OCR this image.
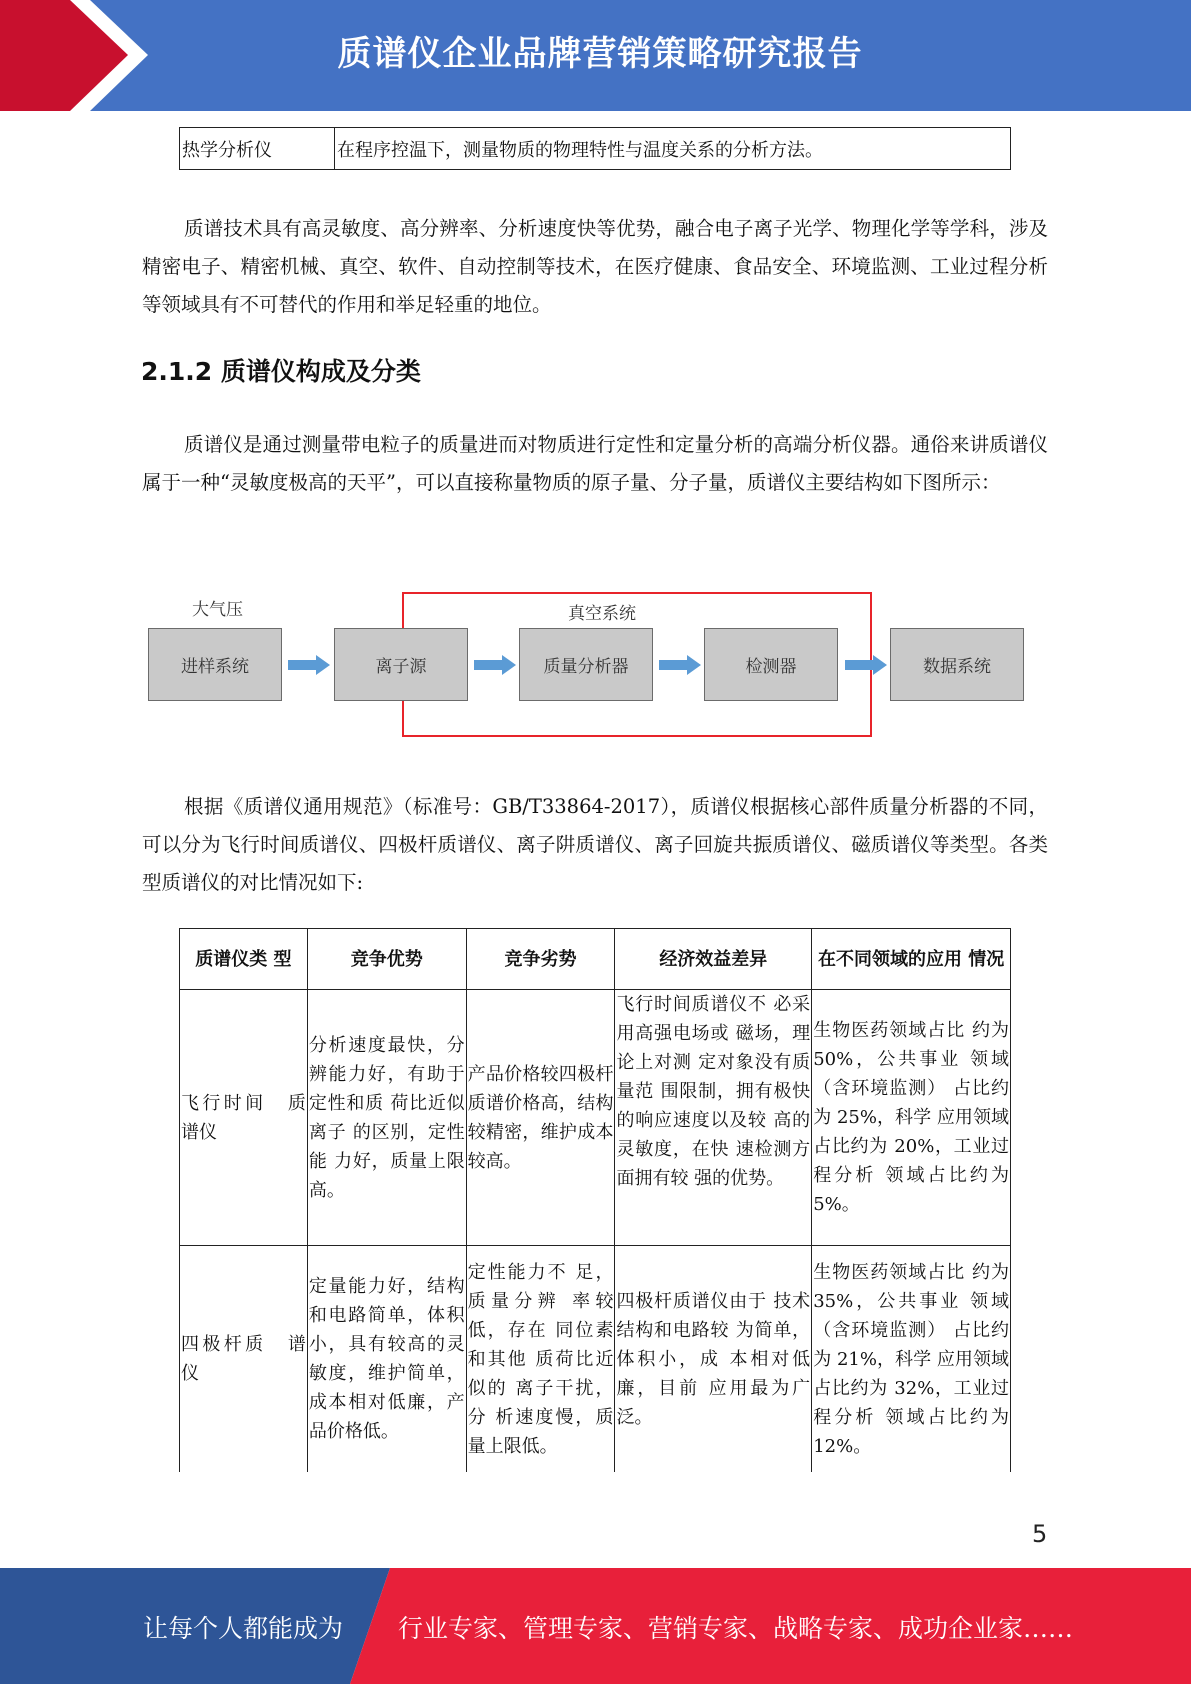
质谱仪企业品牌营销策略研究报告
热学分析仪	在程序控温下，测量物质的物理特性与温度关系的分析方法。

质谱技术具有高灵敏度、高分辨率、分析速度快等优势，融合电子离子光学、物理化学等学科，涉及精密电子、精密机械、真空、软件、自动控制等技术，在医疗健康、食品安全、环境监测、工业过程分析等领域具有不可替代的作用和举足轻重的地位。

2.1.2 质谱仪构成及分类

质谱仪是通过测量带电粒子的质量进而对物质进行定性和定量分析的高端分析仪器。通俗来讲质谱仪属于一种“灵敏度极高的天平”，可以直接称量物质的原子量、分子量，质谱仪主要结构如下图所示：

大气压	真空系统
进样系统	离子源	质量分析器	检测器	数据系统

根据《质谱仪通用规范》（标准号：GB/T33864-2017），质谱仪根据核心部件质量分析器的不同，可以分为飞行时间质谱仪、四极杆质谱仪、离子阱质谱仪、离子回旋共振质谱仪、磁质谱仪等类型。各类型质谱仪的对比情况如下:

质谱仪类 型	竞争优势	竞争劣势	经济效益差异	在不同领域的应用 情况
飞行时间　质谱仪	分析速度最快，分辨能力好，有助于定性和质 荷比近似离子 的区别，定性能 力好，质量上限 高。	产品价格较四极杆质谱价格高，结构较精密，维护成本较高。	飞行时间质谱仪不 必采用高强电场或 磁场，理论上对测 定对象没有质量范 围限制，拥有极快 的响应速度以及较 高的灵敏度，在快 速检测方面拥有较 强的优势。	生物医药领域占比 约为 50%，公共事业 领域（含环境监测） 占比约为 25%，科学 应用领域占比约为 20%，工业过程分析 领域占比约为 5%。
四极杆质　谱仪	定量能力好，结构和电路简单，体积小，具有较高的灵敏度，维护简单，成本相对低廉，产品价格低。	定性能力不 足，质量分辨 率较低，存在 同位素和其他 质荷比近似的 离子干扰，分 析速度慢，质 量上限低。	四极杆质谱仪由于 技术结构和电路较 为简单，体积小，成 本相对低廉，目前 应用最为广泛。	生物医药领域占比 约为 35%，公共事业 领域（含环境监测） 占比约为 21%，科学 应用领域占比约为 32%，工业过程分析 领域占比约为 12%。
5
让每个人都能成为 行业专家、管理专家、营销专家、战略专家、成功企业家……
